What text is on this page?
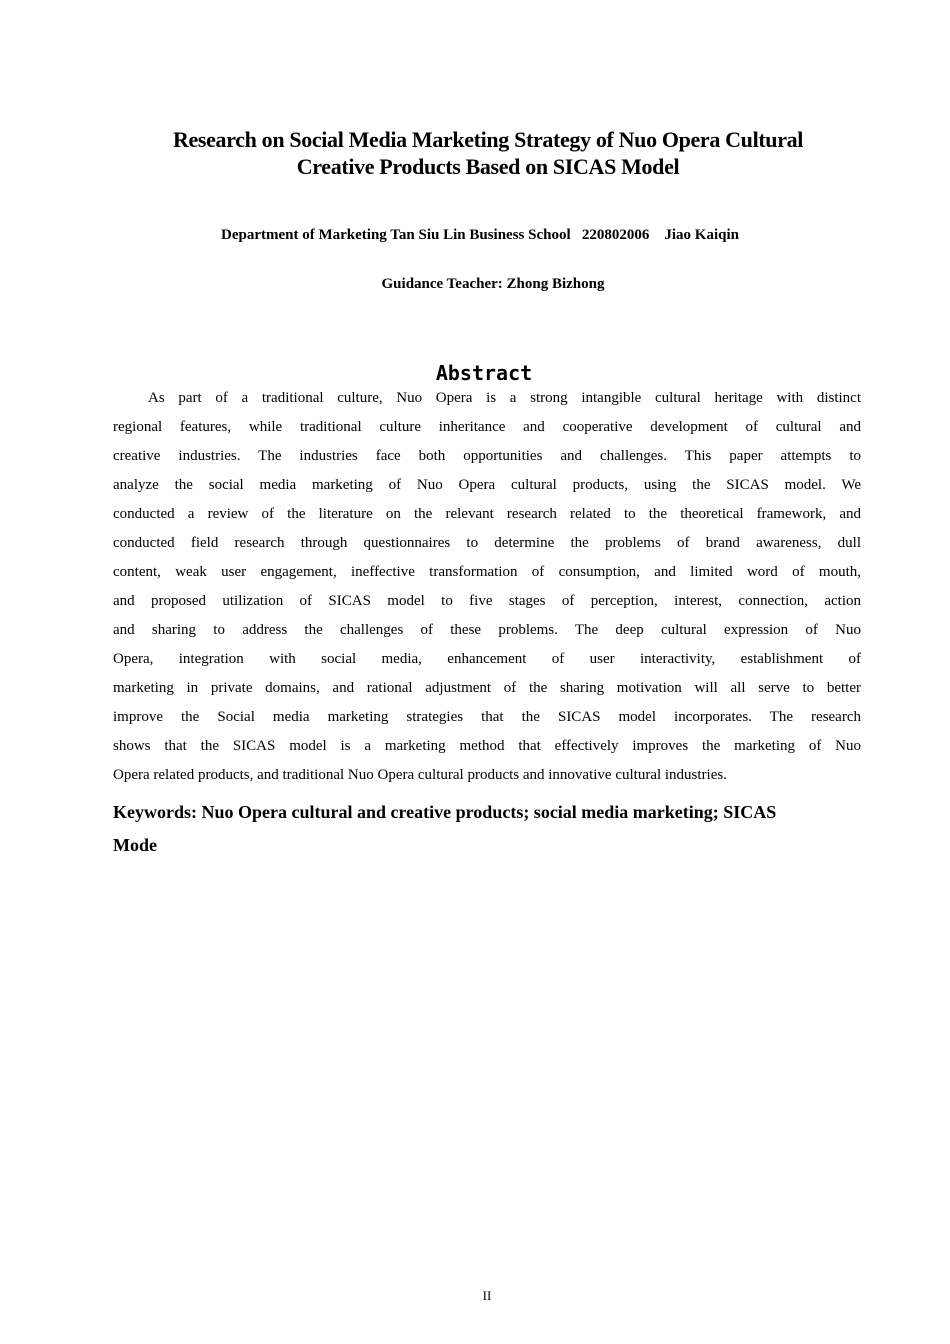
Research on Social Media Marketing Strategy of Nuo Opera Cultural
Creative Products Based on SICAS Model
Department of Marketing Tan Siu Lin Business School   220802006    Jiao Kaiqin
Guidance Teacher: Zhong Bizhong
Abstract
As part of a traditional culture, Nuo Opera is a strong intangible cultural heritage with distinct
regional features, while traditional culture inheritance and cooperative development of cultural and
creative industries. The industries face both opportunities and challenges. This paper attempts to
analyze the social media marketing of Nuo Opera cultural products, using the SICAS model. We
conducted a review of the literature on the relevant research related to the theoretical framework, and
conducted field research through questionnaires to determine the problems of brand awareness, dull
content, weak user engagement, ineffective transformation of consumption, and limited word of mouth,
and proposed utilization of SICAS model to five stages of perception, interest, connection, action
and sharing to address the challenges of these problems. The deep cultural expression of Nuo
Opera, integration with social media, enhancement of user interactivity, establishment of
marketing in private domains, and rational adjustment of the sharing motivation will all serve to better
improve the Social media marketing strategies that the SICAS model incorporates. The research
shows that the SICAS model is a marketing method that effectively improves the marketing of Nuo
Opera related products, and traditional Nuo Opera cultural products and innovative cultural industries.
Keywords: Nuo Opera cultural and creative products; social media marketing; SICAS
Mode
II
